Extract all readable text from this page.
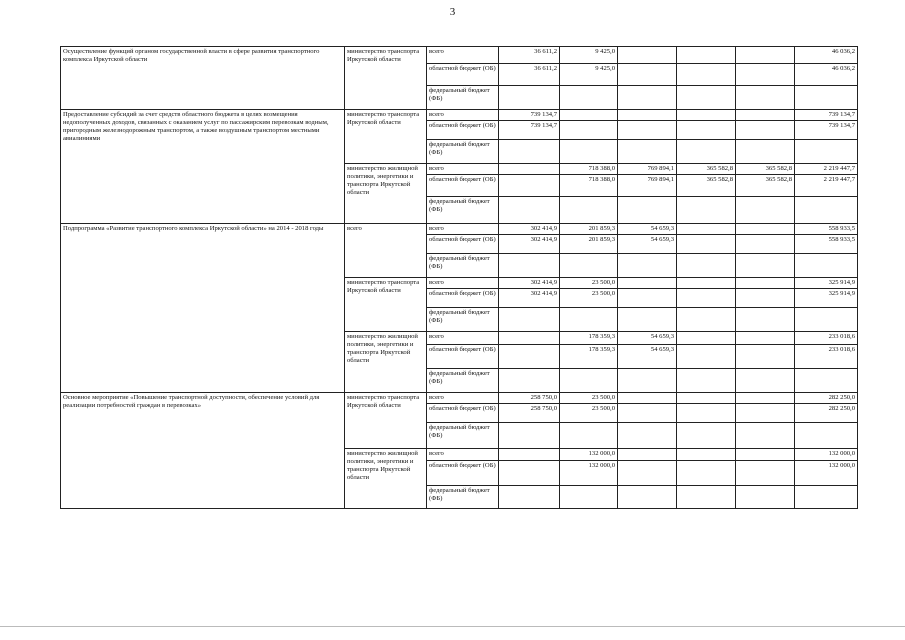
3
Осуществление функций органом государственной власти в сфере развития транспортного комплекса Иркутской области	министерство транспорта Иркутской области	всего	36 611,2	9 425,0				46 036,2
		областной бюджет (ОБ)	36 611,2	9 425,0				46 036,2
		федеральный бюджет (ФБ)						
Предоставление субсидий за счет средств областного бюджета в целях возмещения недополученных доходов, связанных с оказанием услуг по пассажирским перевозкам водным, пригородным железнодорожным транспортом, а также воздушным транспортом местными авиалиниями	министерство транспорта Иркутской области	всего	739 134,7					739 134,7
		областной бюджет (ОБ)	739 134,7					739 134,7
		федеральный бюджет (ФБ)						
	министерство жилищной политики, энергетики и транспорта Иркутской области	всего		718 388,0	769 894,1	365 582,8	365 582,8	2 219 447,7
		областной бюджет (ОБ)		718 388,0	769 894,1	365 582,8	365 582,8	2 219 447,7
		федеральный бюджет (ФБ)						
Подпрограмма «Развитие транспортного комплекса Иркутской области» на 2014 - 2018 годы	всего	всего	302 414,9	201 859,3	54 659,3			558 933,5
		областной бюджет (ОБ)	302 414,9	201 859,3	54 659,3			558 933,5
		федеральный бюджет (ФБ)						
	министерство транспорта Иркутской области	всего	302 414,9	23 500,0				325 914,9
		областной бюджет (ОБ)	302 414,9	23 500,0				325 914,9
		федеральный бюджет (ФБ)						
	министерство жилищной политики, энергетики и транспорта Иркутской области	всего		178 359,3	54 659,3			233 018,6
		областной бюджет (ОБ)		178 359,3	54 659,3			233 018,6
		федеральный бюджет (ФБ)						
Основное мероприятие «Повышение транспортной доступности, обеспечение условий для реализации потребностей граждан в перевозках»	министерство транспорта Иркутской области	всего	258 750,0	23 500,0				282 250,0
		областной бюджет (ОБ)	258 750,0	23 500,0				282 250,0
		федеральный бюджет (ФБ)						
	министерство жилищной политики, энергетики и транспорта Иркутской области	всего		132 000,0				132 000,0
		областной бюджет (ОБ)		132 000,0				132 000,0
		федеральный бюджет (ФБ)						
